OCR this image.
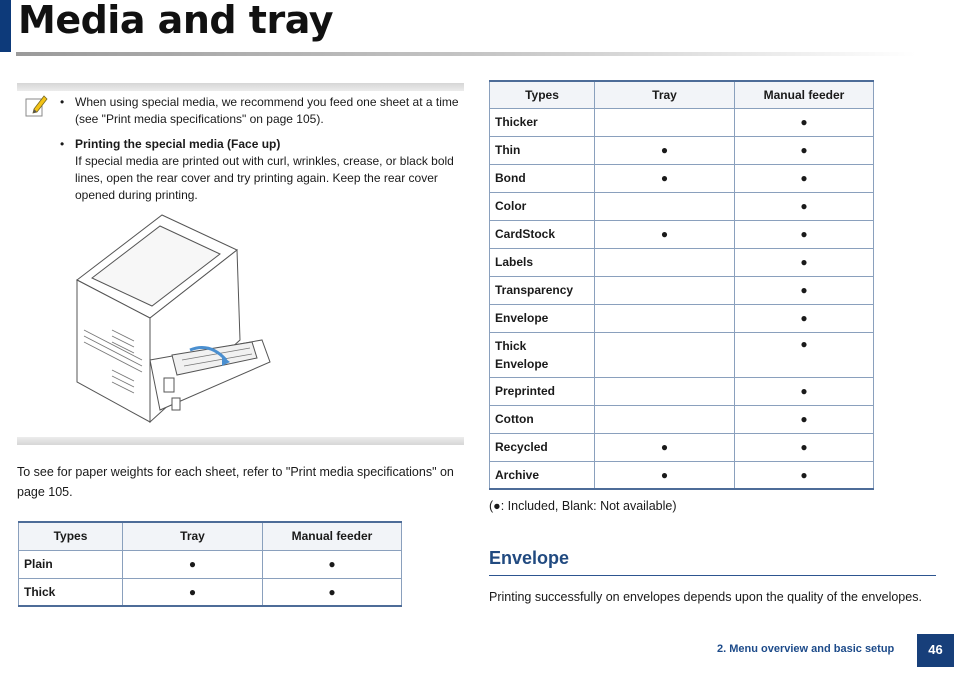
Media and tray
• When using special media, we recommend you feed one sheet at a time (see "Print media specifications" on page 105).
• Printing the special media (Face up)
If special media are printed out with curl, wrinkles, crease, or black bold lines, open the rear cover and try printing again. Keep the rear cover opened during printing.

To see for paper weights for each sheet, refer to "Print media specifications" on page 105.

Types	Tray	Manual feeder
Plain	●	●
Thick	●	●
Types	Tray	Manual feeder
Thicker		●
Thin	●	●
Bond	●	●
Color		●
CardStock	●	●
Labels		●
Transparency		●
Envelope		●
Thick Envelope		●
Preprinted		●
Cotton		●
Recycled	●	●
Archive	●	●
(●: Included, Blank: Not available)
Envelope
Printing successfully on envelopes depends upon the quality of the envelopes.
2. Menu overview and basic setup	46
